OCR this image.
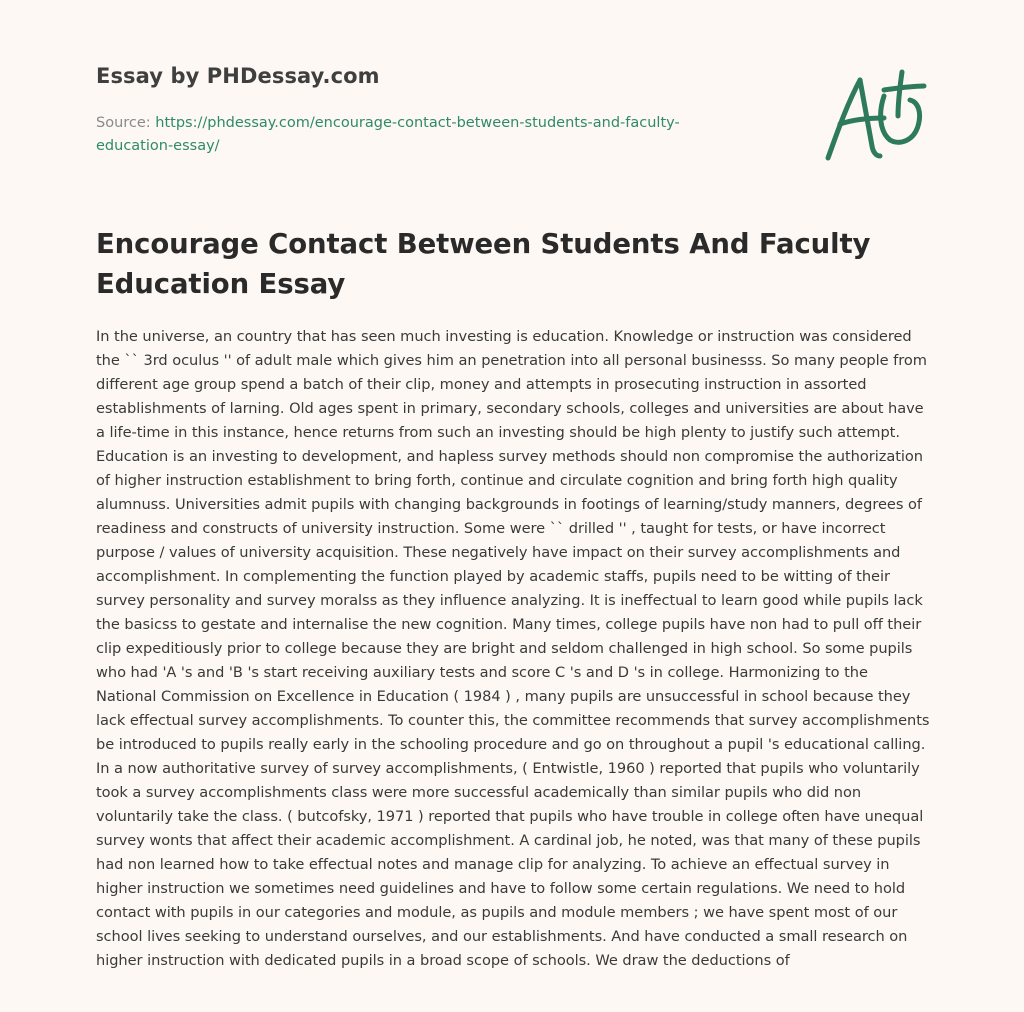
Essay by PHDessay.com

Source: https://phdessay.com/encourage-contact-between-students-and-faculty-education-essay/

Encourage Contact Between Students And Faculty Education Essay

In the universe, an country that has seen much investing is education. Knowledge or instruction was considered the `` 3rd oculus '' of adult male which gives him an penetration into all personal businesss. So many people from different age group spend a batch of their clip, money and attempts in prosecuting instruction in assorted establishments of larning. Old ages spent in primary, secondary schools, colleges and universities are about have a life-time in this instance, hence returns from such an investing should be high plenty to justify such attempt. Education is an investing to development, and hapless survey methods should non compromise the authorization of higher instruction establishment to bring forth, continue and circulate cognition and bring forth high quality alumnuss. Universities admit pupils with changing backgrounds in footings of learning/study manners, degrees of readiness and constructs of university instruction. Some were `` drilled '' , taught for tests, or have incorrect purpose / values of university acquisition. These negatively have impact on their survey accomplishments and accomplishment. In complementing the function played by academic staffs, pupils need to be witting of their survey personality and survey moralss as they influence analyzing. It is ineffectual to learn good while pupils lack the basicss to gestate and internalise the new cognition. Many times, college pupils have non had to pull off their clip expeditiously prior to college because they are bright and seldom challenged in high school. So some pupils who had 'A 's and 'B 's start receiving auxiliary tests and score C 's and D 's in college. Harmonizing to the National Commission on Excellence in Education ( 1984 ) , many pupils are unsuccessful in school because they lack effectual survey accomplishments. To counter this, the committee recommends that survey accomplishments be introduced to pupils really early in the schooling procedure and go on throughout a pupil 's educational calling. In a now authoritative survey of survey accomplishments, ( Entwistle, 1960 ) reported that pupils who voluntarily took a survey accomplishments class were more successful academically than similar pupils who did non voluntarily take the class. ( butcofsky, 1971 ) reported that pupils who have trouble in college often have unequal survey wonts that affect their academic accomplishment. A cardinal job, he noted, was that many of these pupils had non learned how to take effectual notes and manage clip for analyzing. To achieve an effectual survey in higher instruction we sometimes need guidelines and have to follow some certain regulations. We need to hold contact with pupils in our categories and module, as pupils and module members ; we have spent most of our school lives seeking to understand ourselves, and our establishments. And have conducted a small research on higher instruction with dedicated pupils in a broad scope of schools. We draw the deductions of
